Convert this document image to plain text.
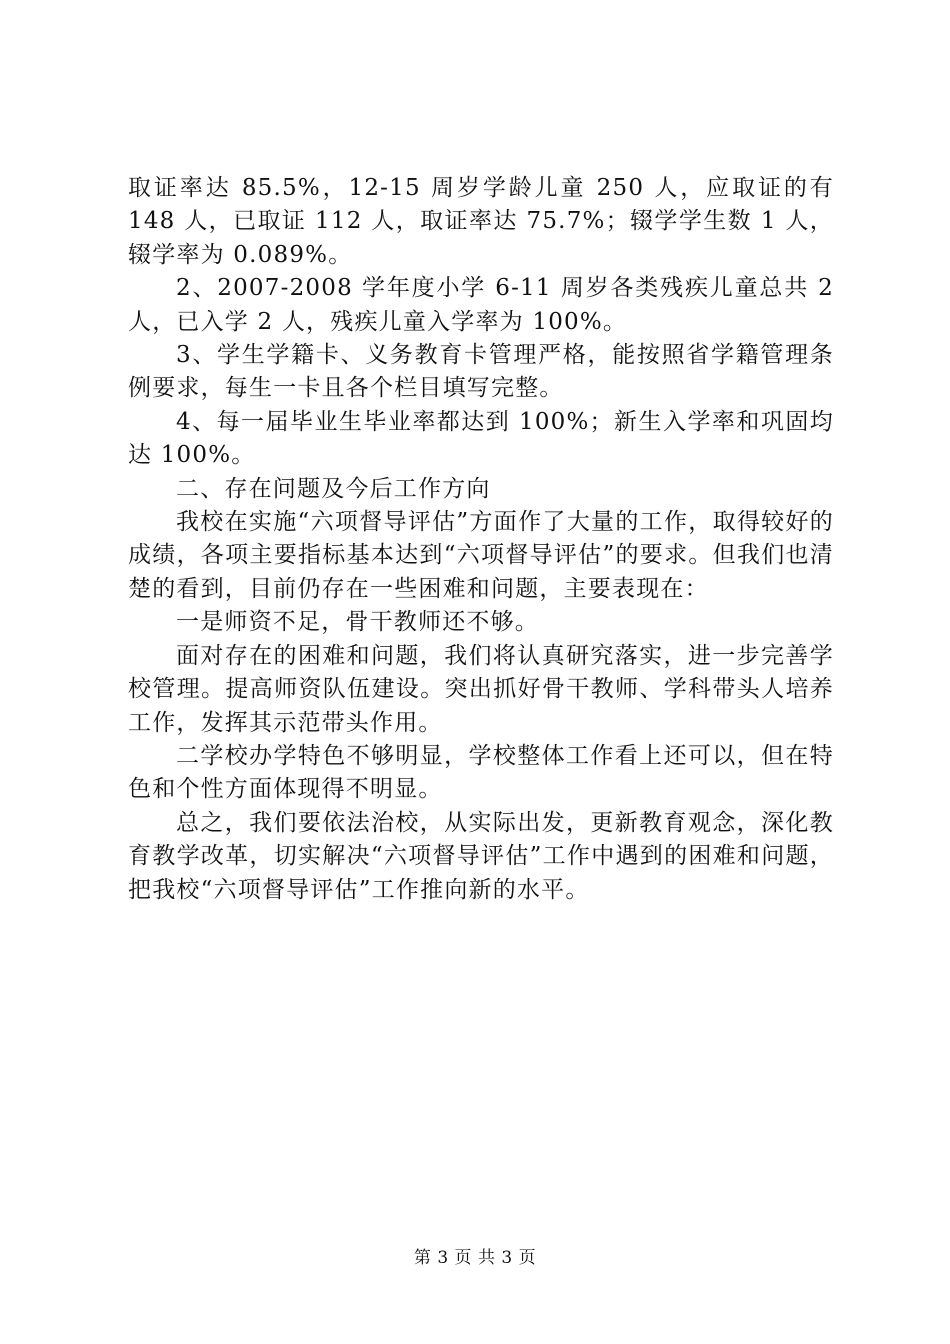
取证率达 85.5%，12-15 周岁学龄儿童 250 人，应取证的有 148 人，已取证 112 人，取证率达 75.7%；辍学学生数 1 人，辍学率为 0.089%。

2、2007-2008 学年度小学 6-11 周岁各类残疾儿童总共 2 人，已入学 2 人，残疾儿童入学率为 100%。

3、学生学籍卡、义务教育卡管理严格，能按照省学籍管理条例要求，每生一卡且各个栏目填写完整。

4、每一届毕业生毕业率都达到 100%；新生入学率和巩固均达 100%。

二、存在问题及今后工作方向

我校在实施“六项督导评估”方面作了大量的工作，取得较好的成绩，各项主要指标基本达到“六项督导评估”的要求。但我们也清楚的看到，目前仍存在一些困难和问题，主要表现在：

一是师资不足，骨干教师还不够。

面对存在的困难和问题，我们将认真研究落实，进一步完善学校管理。提高师资队伍建设。突出抓好骨干教师、学科带头人培养工作，发挥其示范带头作用。

二学校办学特色不够明显，学校整体工作看上还可以，但在特色和个性方面体现得不明显。

总之，我们要依法治校，从实际出发，更新教育观念，深化教育教学改革，切实解决“六项督导评估”工作中遇到的困难和问题，把我校“六项督导评估”工作推向新的水平。

第 3 页 共 3 页
